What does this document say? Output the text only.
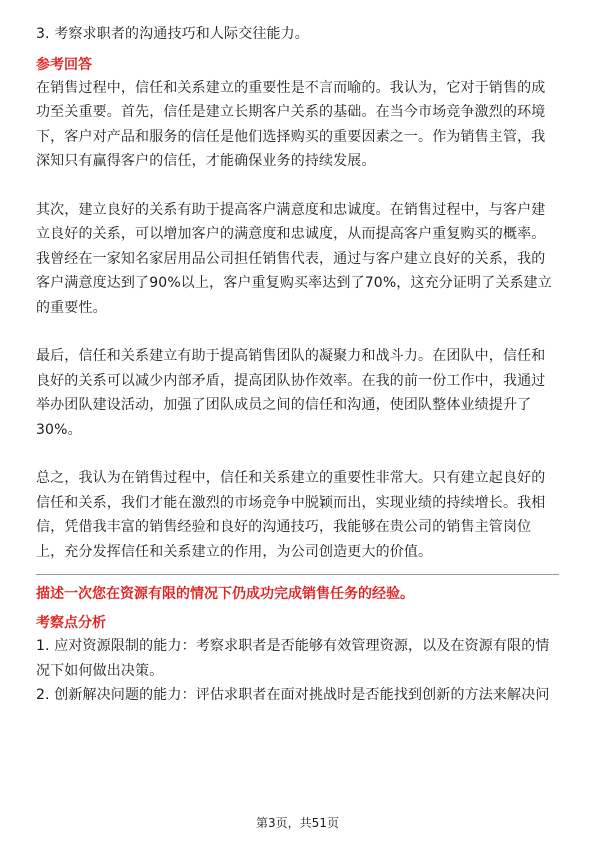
3. 考察求职者的沟通技巧和人际交往能力。
参考回答
在销售过程中，信任和关系建立的重要性是不言而喻的。我认为，它对于销售的成
功至关重要。首先，信任是建立长期客户关系的基础。在当今市场竞争激烈的环境
下，客户对产品和服务的信任是他们选择购买的重要因素之一。作为销售主管，我
深知只有赢得客户的信任，才能确保业务的持续发展。
其次，建立良好的关系有助于提高客户满意度和忠诚度。在销售过程中，与客户建
立良好的关系，可以增加客户的满意度和忠诚度，从而提高客户重复购买的概率。
我曾经在一家知名家居用品公司担任销售代表，通过与客户建立良好的关系，我的
客户满意度达到了90%以上，客户重复购买率达到了70%，这充分证明了关系建立
的重要性。
最后，信任和关系建立有助于提高销售团队的凝聚力和战斗力。在团队中，信任和
良好的关系可以减少内部矛盾，提高团队协作效率。在我的前一份工作中，我通过
举办团队建设活动，加强了团队成员之间的信任和沟通，使团队整体业绩提升了
30%。
总之，我认为在销售过程中，信任和关系建立的重要性非常大。只有建立起良好的
信任和关系，我们才能在激烈的市场竞争中脱颖而出，实现业绩的持续增长。我相
信，凭借我丰富的销售经验和良好的沟通技巧，我能够在贵公司的销售主管岗位
上，充分发挥信任和关系建立的作用，为公司创造更大的价值。
描述一次您在资源有限的情况下仍成功完成销售任务的经验。
考察点分析
1. 应对资源限制的能力：考察求职者是否能够有效管理资源，以及在资源有限的情
况下如何做出决策。
2. 创新解决问题的能力：评估求职者在面对挑战时是否能找到创新的方法来解决问
第3页，共51页
